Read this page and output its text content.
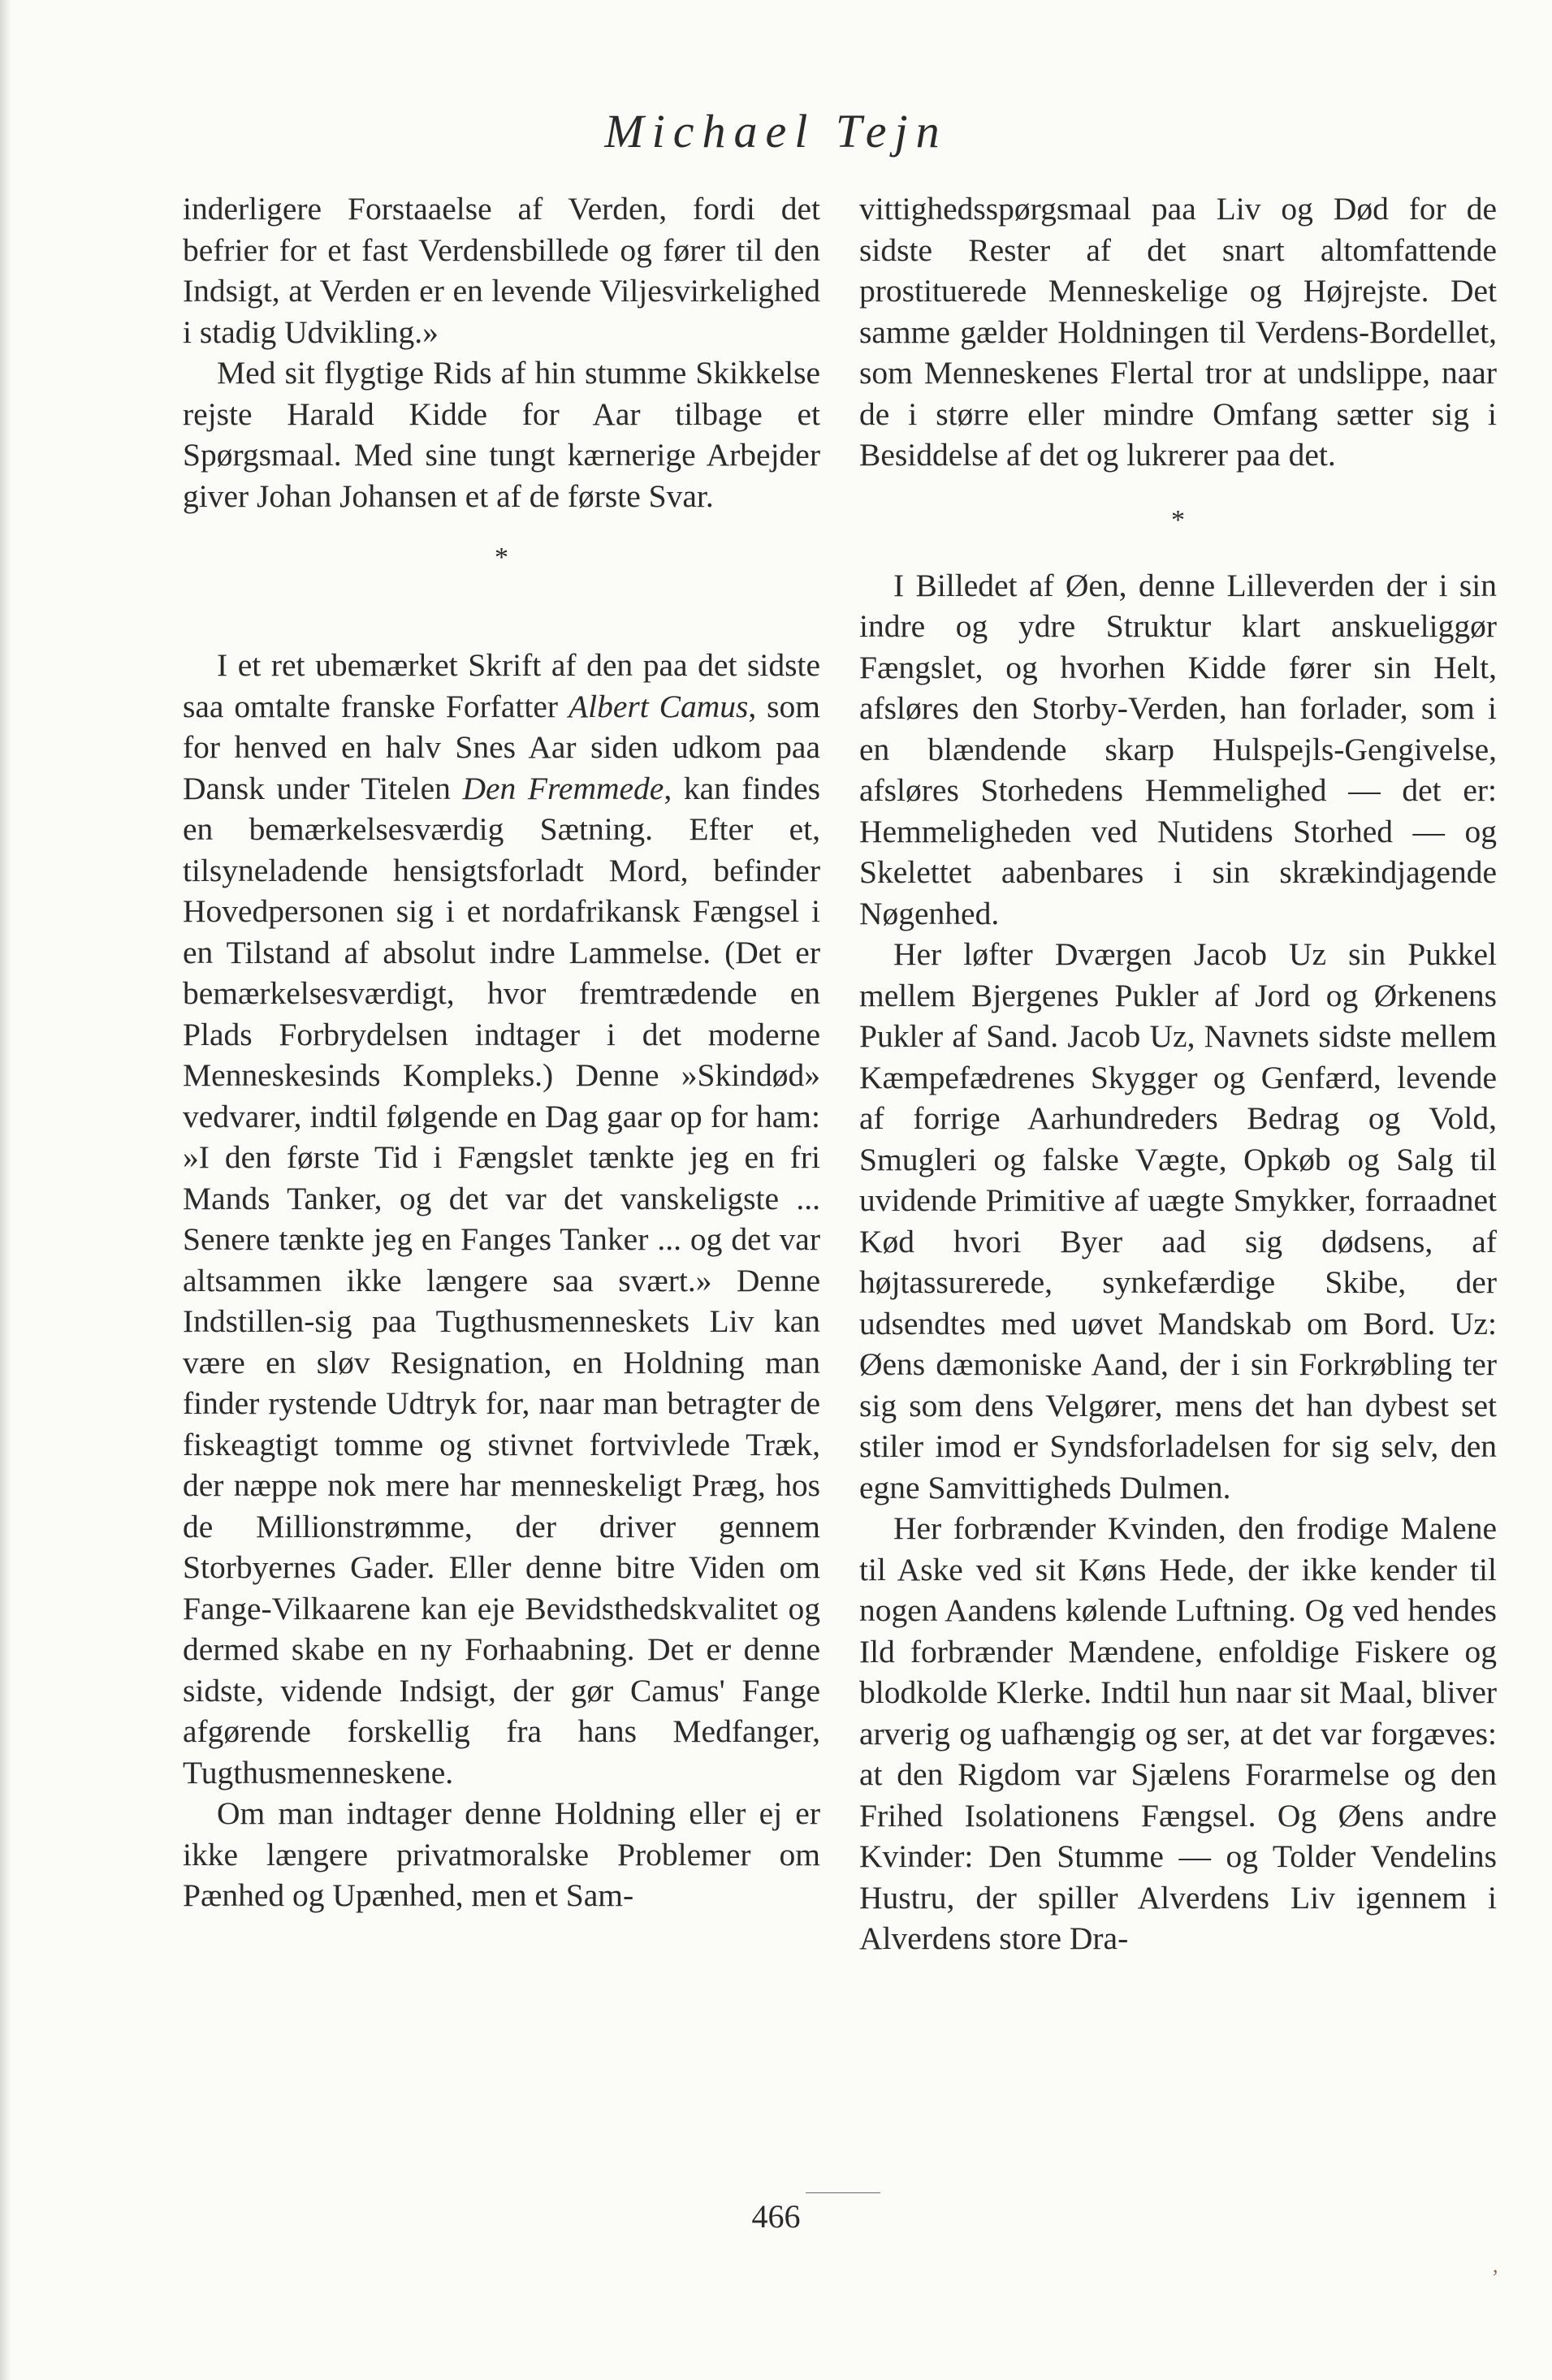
Michael Tejn

inderligere Forstaaelse af Verden, fordi det befrier for et fast Verdensbillede og fører til den Indsigt, at Verden er en levende Viljesvirkelighed i stadig Udvikling.»

Med sit flygtige Rids af hin stumme Skikkelse rejste Harald Kidde for Aar tilbage et Spørgsmaal. Med sine tungt kærnerige Arbejder giver Johan Johansen et af de første Svar.

*

I et ret ubemærket Skrift af den paa det sidste saa omtalte franske Forfatter Albert Camus, som for henved en halv Snes Aar siden udkom paa Dansk under Titelen Den Fremmede, kan findes en bemærkelsesværdig Sætning. Efter et, tilsyneladende hensigtsforladt Mord, befinder Hovedpersonen sig i et nordafrikansk Fængsel i en Tilstand af absolut indre Lammelse. (Det er bemærkelsesværdigt, hvor fremtrædende en Plads Forbrydelsen indtager i det moderne Menneskesinds Kompleks.) Denne »Skindød» vedvarer, indtil følgende en Dag gaar op for ham: »I den første Tid i Fængslet tænkte jeg en fri Mands Tanker, og det var det vanskeligste ... Senere tænkte jeg en Fanges Tanker ... og det var altsammen ikke længere saa svært.» Denne Indstillen-sig paa Tugthusmenneskets Liv kan være en sløv Resignation, en Holdning man finder rystende Udtryk for, naar man betragter de fiskeagtigt tomme og stivnet fortvivlede Træk, der næppe nok mere har menneskeligt Præg, hos de Millionstrømme, der driver gennem Storbyernes Gader. Eller denne bitre Viden om Fange-Vilkaarene kan eje Bevidsthedskvalitet og dermed skabe en ny Forhaabning. Det er denne sidste, vidende Indsigt, der gør Camus' Fange afgørende forskellig fra hans Medfanger, Tugthusmenneskene.

Om man indtager denne Holdning eller ej er ikke længere privatmoralske Problemer om Pænhed og Upænhed, men et Sam-

vittighedsspørgsmaal paa Liv og Død for de sidste Rester af det snart altomfattende prostituerede Menneskelige og Højrejste. Det samme gælder Holdningen til Verdens-Bordellet, som Menneskenes Flertal tror at undslippe, naar de i større eller mindre Omfang sætter sig i Besiddelse af det og lukrerer paa det.

*

I Billedet af Øen, denne Lilleverden der i sin indre og ydre Struktur klart anskueliggør Fængslet, og hvorhen Kidde fører sin Helt, afsløres den Storby-Verden, han forlader, som i en blændende skarp Hulspejls-Gengivelse, afsløres Storhedens Hemmelighed — det er: Hemmeligheden ved Nutidens Storhed — og Skelettet aabenbares i sin skrækindjagende Nøgenhed.

Her løfter Dværgen Jacob Uz sin Pukkel mellem Bjergenes Pukler af Jord og Ørkenens Pukler af Sand. Jacob Uz, Navnets sidste mellem Kæmpefædrenes Skygger og Genfærd, levende af forrige Aarhundreders Bedrag og Vold, Smugleri og falske Vægte, Opkøb og Salg til uvidende Primitive af uægte Smykker, forraadnet Kød hvori Byer aad sig dødsens, af højtassurerede, synkefærdige Skibe, der udsendtes med uøvet Mandskab om Bord. Uz: Øens dæmoniske Aand, der i sin Forkrøbling ter sig som dens Velgører, mens det han dybest set stiler imod er Syndsforladelsen for sig selv, den egne Samvittigheds Dulmen.

Her forbrænder Kvinden, den frodige Malene til Aske ved sit Køns Hede, der ikke kender til nogen Aandens kølende Luftning. Og ved hendes Ild forbrænder Mændene, enfoldige Fiskere og blodkolde Klerke. Indtil hun naar sit Maal, bliver arverig og uafhængig og ser, at det var forgæves: at den Rigdom var Sjælens Forarmelse og den Frihed Isolationens Fængsel. Og Øens andre Kvinder: Den Stumme — og Tolder Vendelins Hustru, der spiller Alverdens Liv igennem i Alverdens store Dra-

466
,
